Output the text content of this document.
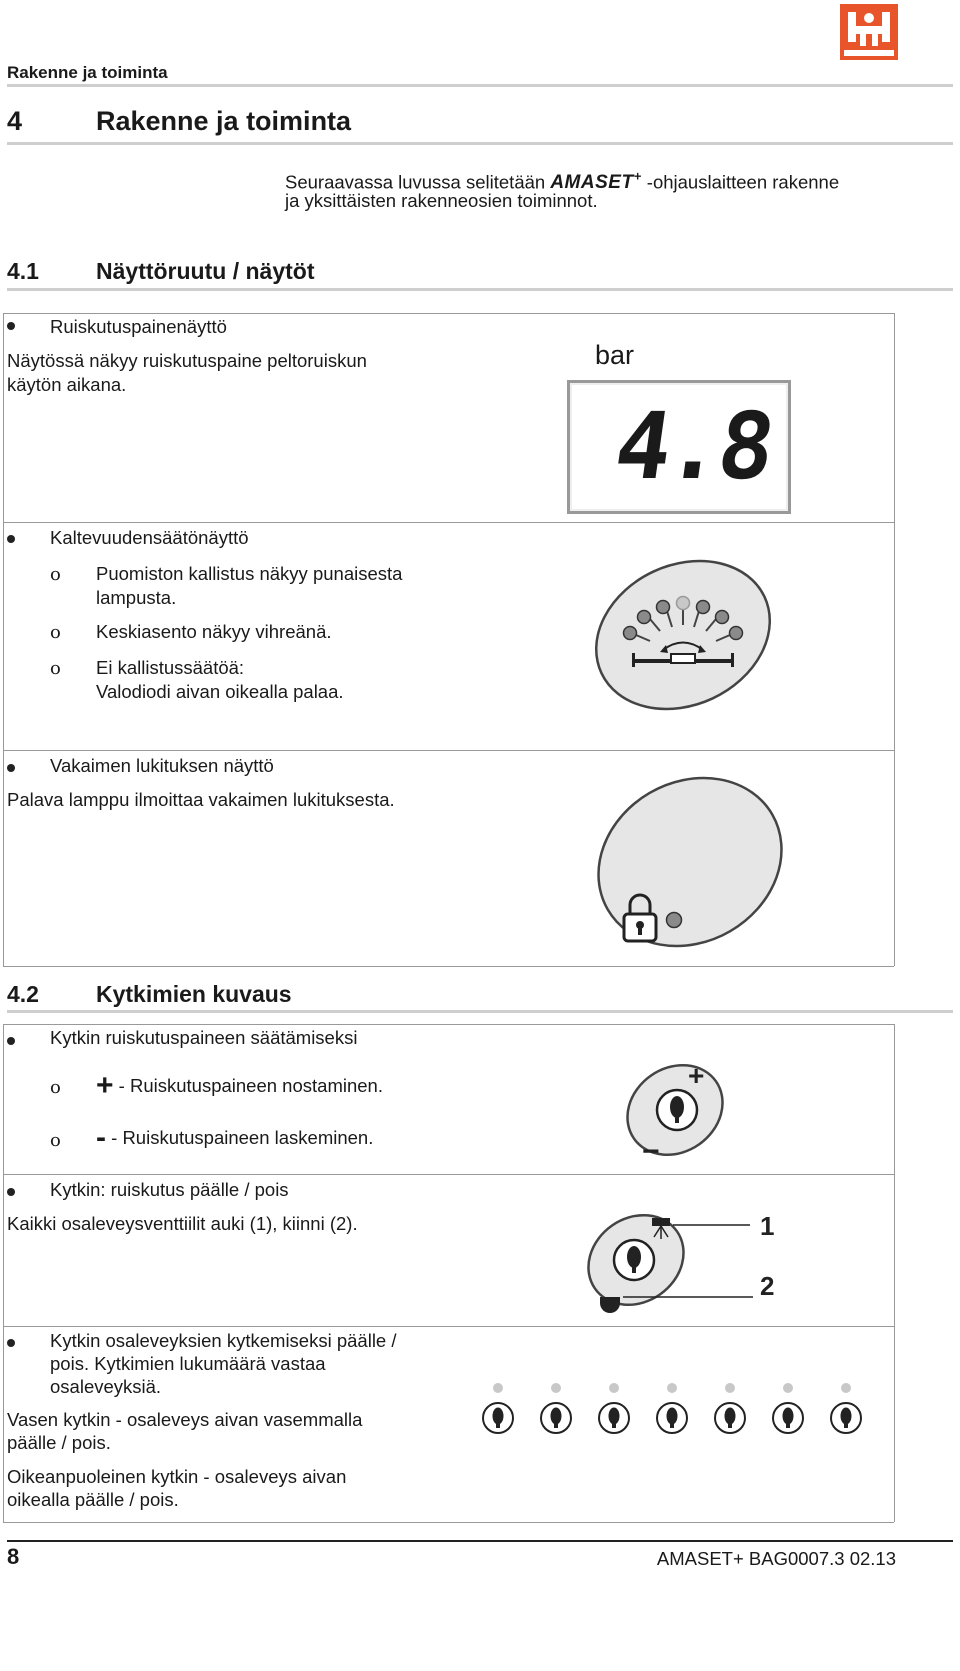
Rakenne ja toiminta
4	Rakenne ja toiminta
Seuraavassa luvussa selitetään AMASET+ -ohjauslaitteen rakenne
ja yksittäisten rakenneosien toiminnot.
4.1 Näyttöruutu / näytöt
Ruiskutuspainenäyttö
Näytössä näkyy ruiskutuspaine peltoruiskun
käytön aikana.
bar
4.8
Kaltevuudensäätönäyttö
o Puomiston kallistus näkyy punaisesta
lampusta.
o Keskiasento näkyy vihreänä.
o Ei kallistussäätöä:
Valodiodi aivan oikealla palaa.
Vakaimen lukituksen näyttö
Palava lamppu ilmoittaa vakaimen lukituksesta.
4.2 Kytkimien kuvaus
Kytkin ruiskutuspaineen säätämiseksi
o + - Ruiskutuspaineen nostaminen.
o - - Ruiskutuspaineen laskeminen.
+
−
Kytkin: ruiskutus päälle / pois
Kaikki osaleveysventtiilit auki (1), kiinni (2).	1
2
Kytkin osaleveyksien kytkemiseksi päälle /
pois. Kytkimien lukumäärä vastaa
osaleveyksiä.
Vasen kytkin - osaleveys aivan vasemmalla
päälle / pois.
Oikeanpuoleinen kytkin - osaleveys aivan
oikealla päälle / pois.
8	AMASET+ BAG0007.3 02.13
